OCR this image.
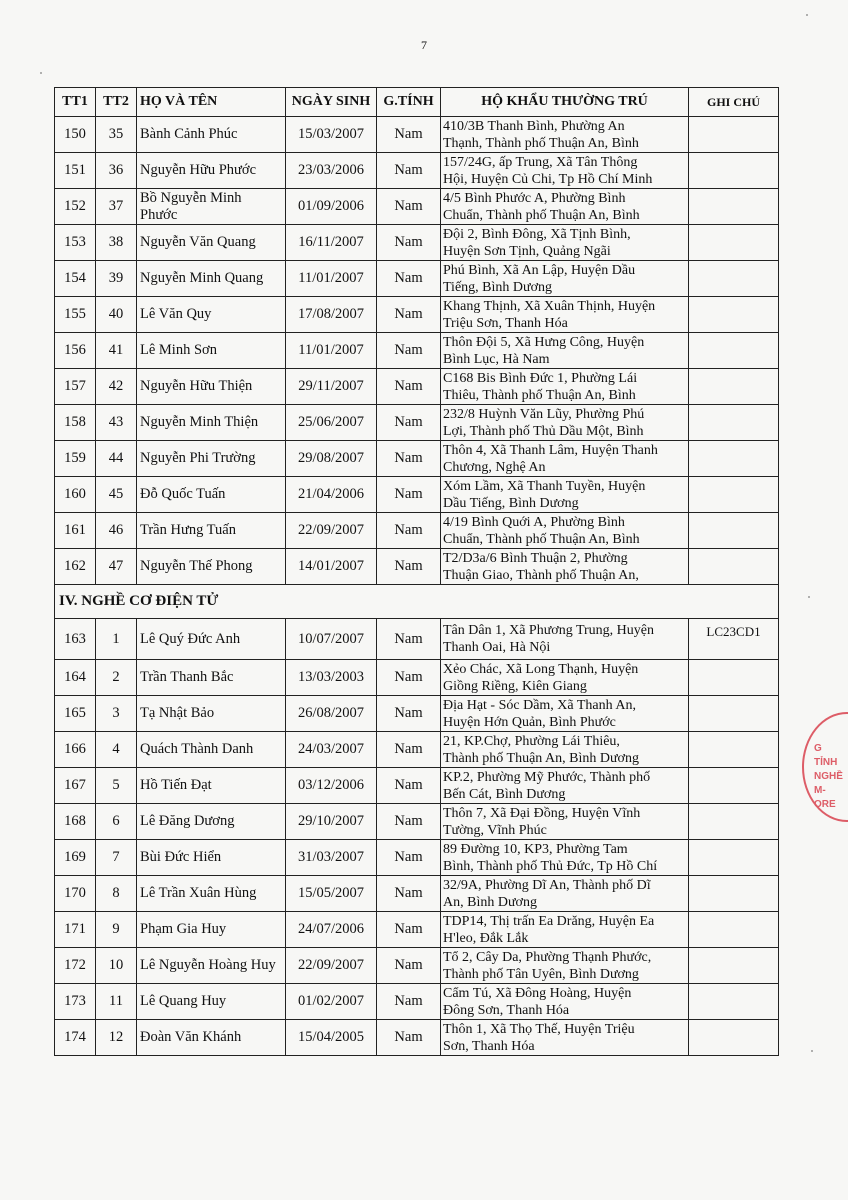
7
TT1	TT2	HỌ VÀ TÊN	NGÀY SINH	G.TÍNH	HỘ KHẨU THƯỜNG TRÚ	GHI CHÚ
150	35	Bành Cảnh Phúc	15/03/2007	Nam	410/3B Thanh Bình, Phường An
Thạnh, Thành phố Thuận An, Bình	

151	36	Nguyễn Hữu Phước	23/03/2006	Nam	157/24G, ấp Trung, Xã Tân Thông
Hội, Huyện Củ Chi, Tp Hồ Chí Minh	

152	37	Bồ Nguyễn Minh Phước	01/09/2006	Nam	4/5 Bình Phước A, Phường Bình
Chuẩn, Thành phố Thuận An, Bình	

153	38	Nguyễn Văn Quang	16/11/2007	Nam	Đội 2, Bình Đông, Xã Tịnh Bình,
Huyện Sơn Tịnh, Quảng Ngãi	

154	39	Nguyễn Minh Quang	11/01/2007	Nam	Phú Bình, Xã An Lập, Huyện Dầu
Tiếng, Bình Dương	

155	40	Lê Văn Quy	17/08/2007	Nam	Khang Thịnh, Xã Xuân Thịnh, Huyện
Triệu Sơn, Thanh Hóa	

156	41	Lê Minh Sơn	11/01/2007	Nam	Thôn Đội 5, Xã Hưng Công, Huyện
Bình Lục, Hà Nam	

157	42	Nguyễn Hữu Thiện	29/11/2007	Nam	C168 Bis Bình Đức 1, Phường Lái
Thiêu, Thành phố Thuận An, Bình	

158	43	Nguyễn Minh Thiện	25/06/2007	Nam	232/8 Huỳnh Văn Lũy, Phường Phú
Lợi, Thành phố Thủ Dầu Một, Bình	

159	44	Nguyễn Phi Trường	29/08/2007	Nam	Thôn 4, Xã Thanh Lâm, Huyện Thanh
Chương, Nghệ An	

160	45	Đỗ Quốc Tuấn	21/04/2006	Nam	Xóm Lầm, Xã Thanh Tuyền, Huyện
Dầu Tiếng, Bình Dương	

161	46	Trần Hưng Tuấn	22/09/2007	Nam	4/19 Bình Quới A, Phường Bình
Chuẩn, Thành phố Thuận An, Bình	

162	47	Nguyễn Thế Phong	14/01/2007	Nam	T2/D3a/6 Bình Thuận 2, Phường
Thuận Giao, Thành phố Thuận An,	

IV. NGHỀ CƠ ĐIỆN TỬ						
163	1	Lê Quý Đức Anh	10/07/2007	Nam	Tân Dân 1, Xã Phương Trung, Huyện
Thanh Oai, Hà Nội	LC23CD1
164	2	Trần Thanh Bắc	13/03/2003	Nam	Xẻo Chác, Xã Long Thạnh, Huyện
Giồng Riềng, Kiên Giang	

165	3	Tạ Nhật Bảo	26/08/2007	Nam	Địa Hạt - Sóc Dầm, Xã Thanh An,
Huyện Hớn Quản, Bình Phước	

166	4	Quách Thành Danh	24/03/2007	Nam	21, KP.Chợ, Phường Lái Thiêu,
Thành phố Thuận An, Bình Dương	

167	5	Hồ Tiến Đạt	03/12/2006	Nam	KP.2, Phường Mỹ Phước, Thành phố
Bến Cát, Bình Dương	

168	6	Lê Đăng Dương	29/10/2007	Nam	Thôn 7, Xã Đại Đồng, Huyện Vĩnh
Tường, Vĩnh Phúc	

169	7	Bùi Đức Hiển	31/03/2007	Nam	89 Đường 10, KP3, Phường Tam
Bình, Thành phố Thủ Đức, Tp Hồ Chí	

170	8	Lê Trần Xuân Hùng	15/05/2007	Nam	32/9A, Phường Dĩ An, Thành phố Dĩ
An, Bình Dương	

171	9	Phạm Gia Huy	24/07/2006	Nam	TDP14, Thị trấn Ea Drăng, Huyện Ea
H'leo, Đắk Lắk	

172	10	Lê Nguyễn Hoàng Huy	22/09/2007	Nam	Tổ 2, Cây Da, Phường Thạnh Phước,
Thành phố Tân Uyên, Bình Dương	

173	11	Lê Quang Huy	01/02/2007	Nam	Cẩm Tú, Xã Đông Hoàng, Huyện
Đông Sơn, Thanh Hóa	

174	12	Đoàn Văn Khánh	15/04/2005	Nam	Thôn 1, Xã Thọ Thế, Huyện Triệu
Sơn, Thanh Hóa	

G
TỈNH
NGHỀ
M-
ORE
